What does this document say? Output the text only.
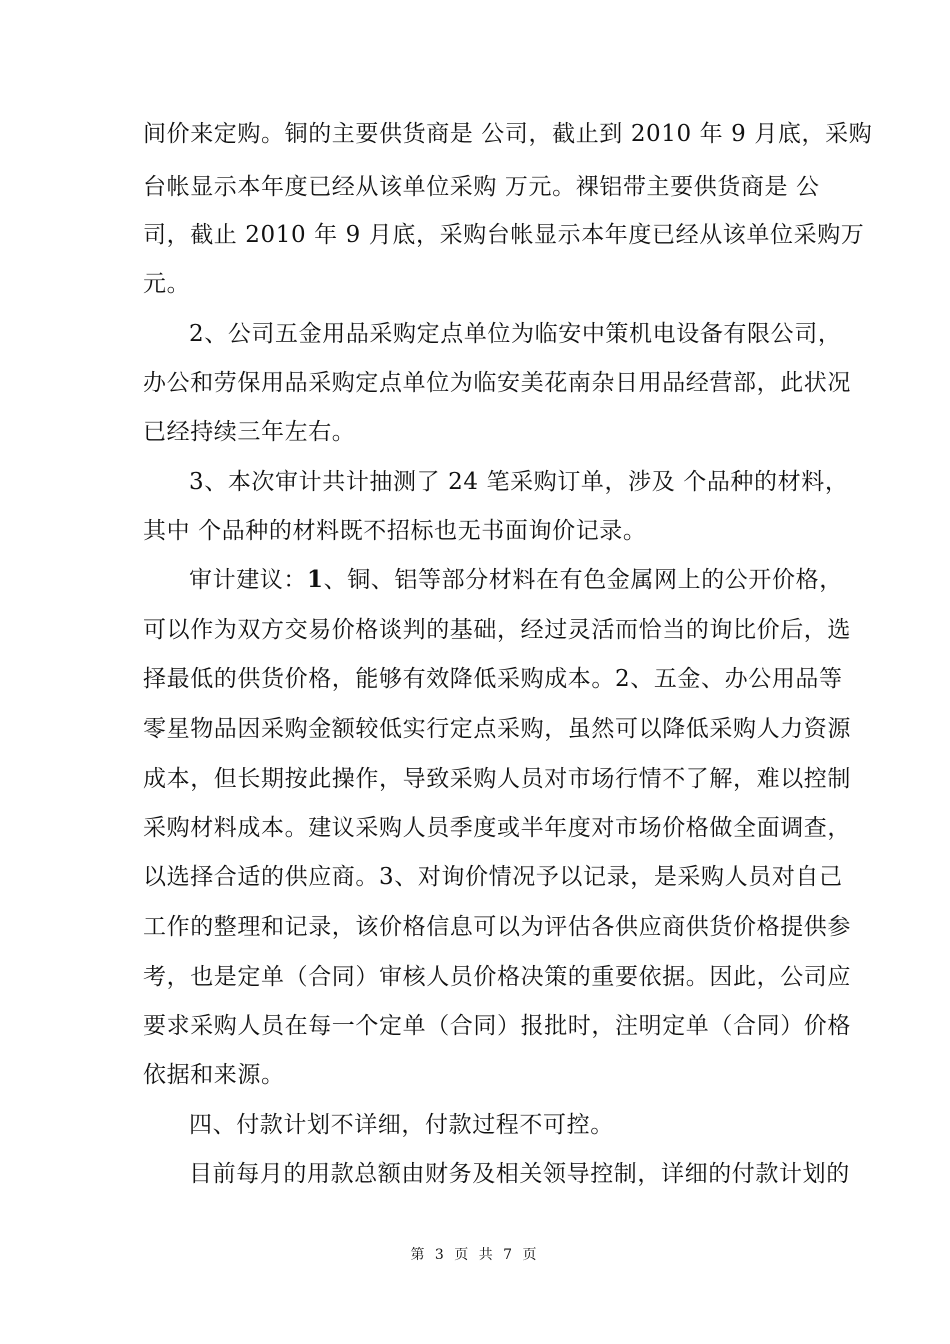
间价来定购。铜的主要供货商是 公司，截止到 2010 年 9 月底，采购
台帐显示本年度已经从该单位采购 万元。裸铝带主要供货商是 公
司，截止 2010 年 9 月底，采购台帐显示本年度已经从该单位采购万
元。
2、公司五金用品采购定点单位为临安中策机电设备有限公司，
办公和劳保用品采购定点单位为临安美花南杂日用品经营部，此状况
已经持续三年左右。
3、本次审计共计抽测了 24 笔采购订单，涉及 个品种的材料，
其中 个品种的材料既不招标也无书面询价记录。
审计建议：1、铜、铝等部分材料在有色金属网上的公开价格，
可以作为双方交易价格谈判的基础，经过灵活而恰当的询比价后，选
择最低的供货价格，能够有效降低采购成本。2、五金、办公用品等
零星物品因采购金额较低实行定点采购，虽然可以降低采购人力资源
成本，但长期按此操作，导致采购人员对市场行情不了解，难以控制
采购材料成本。建议采购人员季度或半年度对市场价格做全面调查，
以选择合适的供应商。3、对询价情况予以记录，是采购人员对自己
工作的整理和记录，该价格信息可以为评估各供应商供货价格提供参
考，也是定单（合同）审核人员价格决策的重要依据。因此，公司应
要求采购人员在每一个定单（合同）报批时，注明定单（合同）价格
依据和来源。
四、付款计划不详细，付款过程不可控。
目前每月的用款总额由财务及相关领导控制，详细的付款计划的
第 3 页 共 7 页
